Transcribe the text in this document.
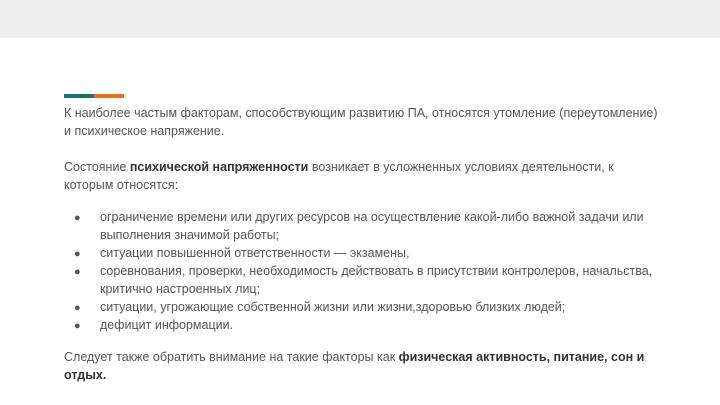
К наиболее частым факторам, способствующим развитию ПА, относятся утомление (переутомление) и психическое напряжение.

Состояние психической напряженности возникает в усложненных условиях деятельности, к которым относятся:

● ограничение времени или других ресурсов на осуществление какой-либо важной задачи или выполнения значимой работы;
● ситуации повышенной ответственности — экзамены,
● соревнования, проверки, необходимость действовать в присутствии контролеров, начальства, критично настроенных лиц;
● ситуации, угрожающие собственной жизни или жизни,здоровью близких людей;
● дефицит информации.

Следует также обратить внимание на такие факторы как физическая активность, питание, сон и отдых.
